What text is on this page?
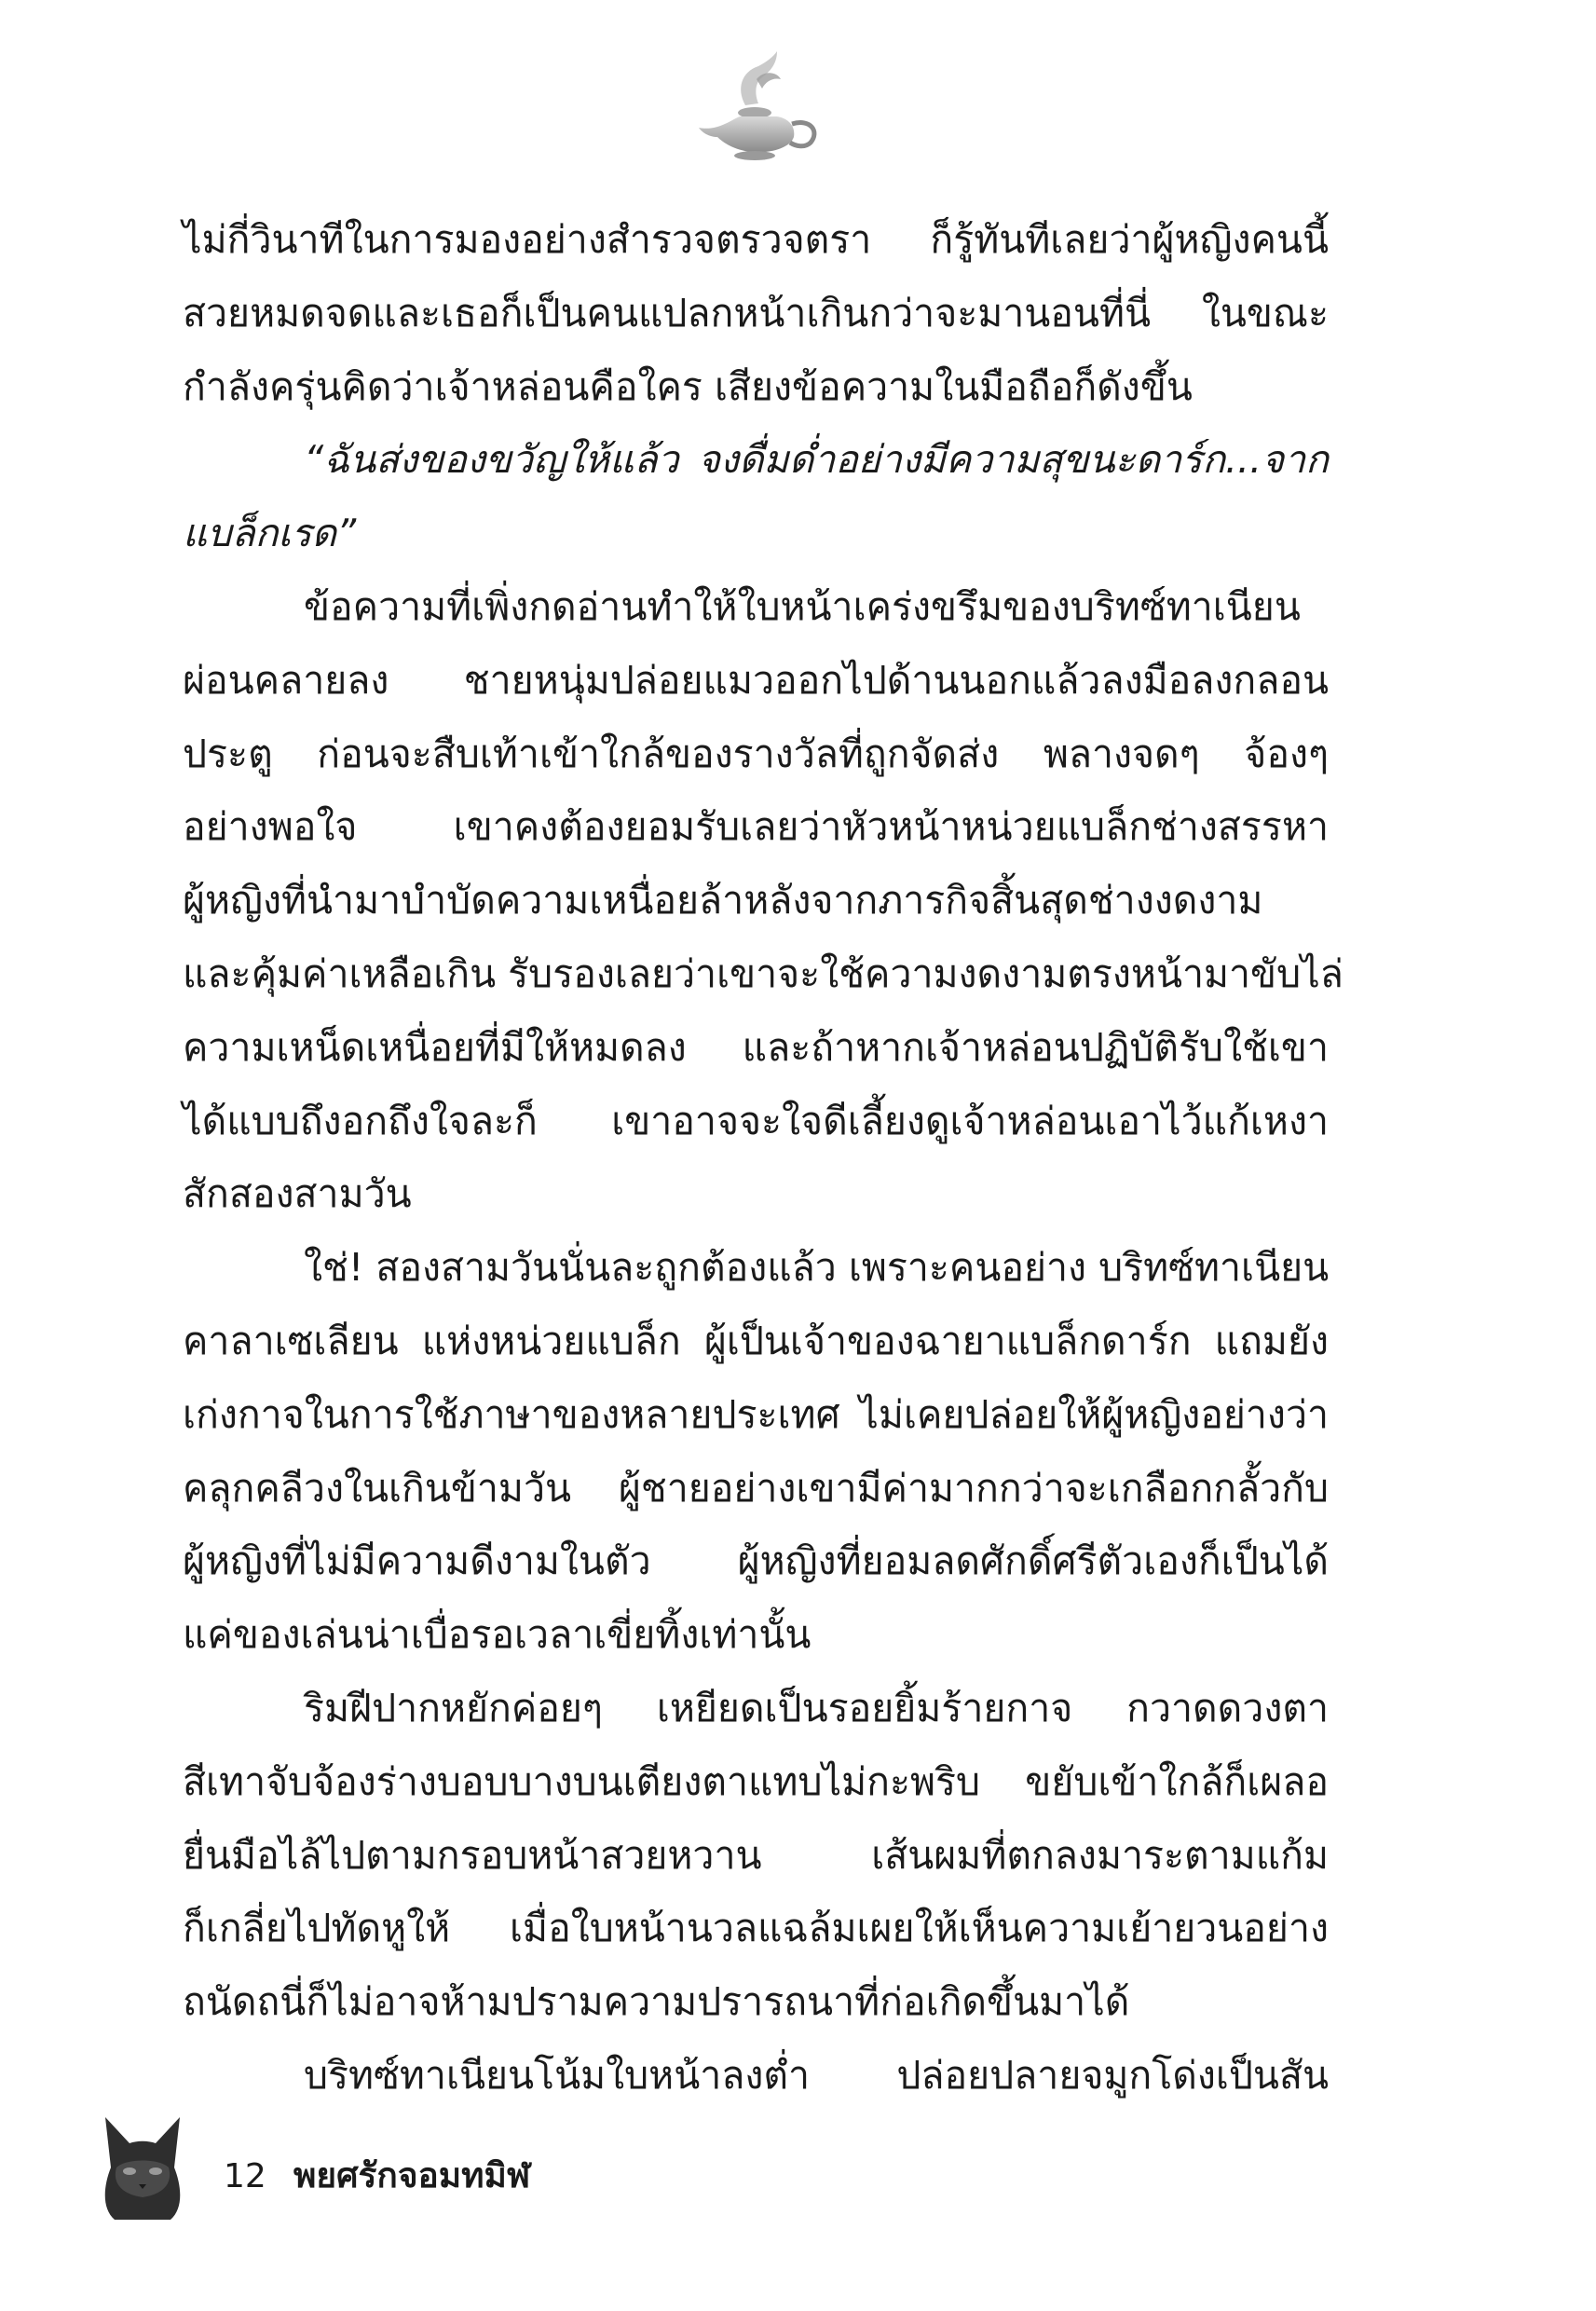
ไม่กี่วินาทีในการมองอย่างสำรวจตรวจตรา ก็รู้ทันทีเลยว่าผู้หญิงคนนี้
สวยหมดจดและเธอก็เป็นคนแปลกหน้าเกินกว่าจะมานอนที่นี่ ในขณะ
กำลังครุ่นคิดว่าเจ้าหล่อนคือใคร เสียงข้อความในมือถือก็ดังขึ้น
“ฉันส่งของขวัญให้แล้ว จงดื่มด่ำอย่างมีความสุขนะดาร์ก...จาก
แบล็กเรด”
ข้อความที่เพิ่งกดอ่านทำให้ใบหน้าเคร่งขรึมของบริทซ์ทาเนียน
ผ่อนคลายลง ชายหนุ่มปล่อยแมวออกไปด้านนอกแล้วลงมือลงกลอน
ประตู ก่อนจะสืบเท้าเข้าใกล้ของรางวัลที่ถูกจัดส่ง พลางจดๆ จ้องๆ
อย่างพอใจ เขาคงต้องยอมรับเลยว่าหัวหน้าหน่วยแบล็กช่างสรรหา
ผู้หญิงที่นำมาบำบัดความเหนื่อยล้าหลังจากภารกิจสิ้นสุดช่างงดงาม
และคุ้มค่าเหลือเกิน รับรองเลยว่าเขาจะใช้ความงดงามตรงหน้ามาขับไล่
ความเหน็ดเหนื่อยที่มีให้หมดลง และถ้าหากเจ้าหล่อนปฏิบัติรับใช้เขา
ได้แบบถึงอกถึงใจละก็ เขาอาจจะใจดีเลี้ยงดูเจ้าหล่อนเอาไว้แก้เหงา
สักสองสามวัน
ใช่! สองสามวันนั่นละถูกต้องแล้ว เพราะคนอย่าง บริทซ์ทาเนียน
คาลาเซเลียน แห่งหน่วยแบล็ก ผู้เป็นเจ้าของฉายาแบล็กดาร์ก แถมยัง
เก่งกาจในการใช้ภาษาของหลายประเทศ ไม่เคยปล่อยให้ผู้หญิงอย่างว่า
คลุกคลีวงในเกินข้ามวัน ผู้ชายอย่างเขามีค่ามากกว่าจะเกลือกกลั้วกับ
ผู้หญิงที่ไม่มีความดีงามในตัว ผู้หญิงที่ยอมลดศักดิ์ศรีตัวเองก็เป็นได้
แค่ของเล่นน่าเบื่อรอเวลาเขี่ยทิ้งเท่านั้น
ริมฝีปากหยักค่อยๆ เหยียดเป็นรอยยิ้มร้ายกาจ กวาดดวงตา
สีเทาจับจ้องร่างบอบบางบนเตียงตาแทบไม่กะพริบ ขยับเข้าใกล้ก็เผลอ
ยื่นมือไล้ไปตามกรอบหน้าสวยหวาน เส้นผมที่ตกลงมาระตามแก้ม
ก็เกลี่ยไปทัดหูให้ เมื่อใบหน้านวลแฉล้มเผยให้เห็นความเย้ายวนอย่าง
ถนัดถนี่ก็ไม่อาจห้ามปรามความปรารถนาที่ก่อเกิดขึ้นมาได้
บริทซ์ทาเนียนโน้มใบหน้าลงต่ำ ปล่อยปลายจมูกโด่งเป็นสัน
12 พยศรักจอมทมิฬ
